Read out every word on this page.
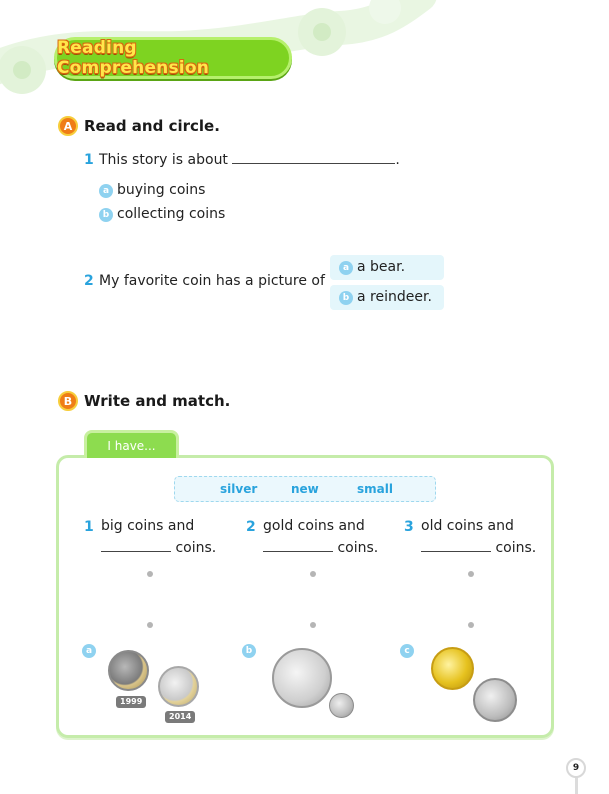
Reading Comprehension
A Read and circle.
1 This story is about	.
a buying coins
b collecting coins
2 My favorite coin has a picture of
a a bear.
b a reindeer.
B Write and match.
I have...
silver	new	small
1 big coins and
coins.
2 gold coins and
coins.
3 old coins and
coins.
a
1999
2014
b	c
9
